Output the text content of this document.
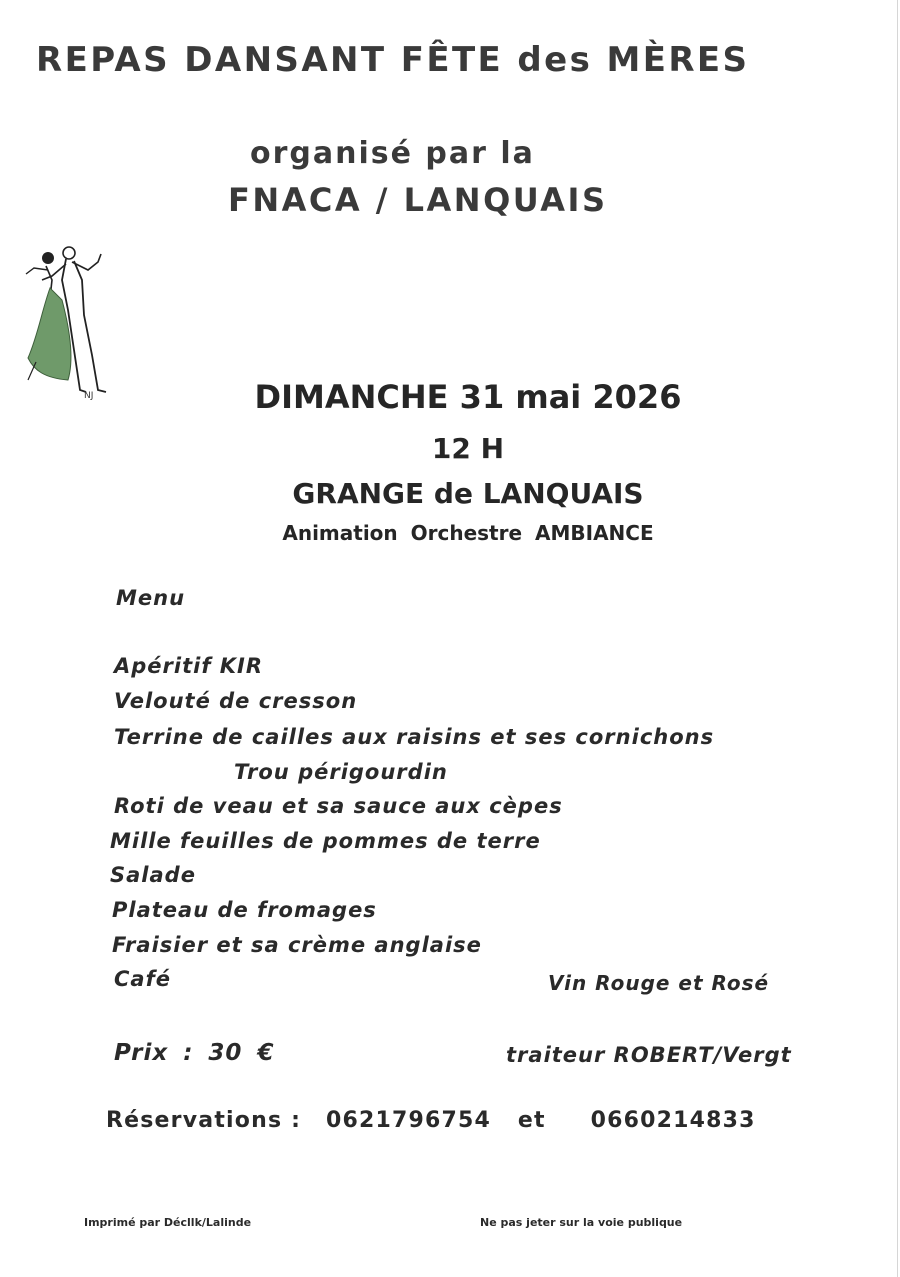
REPAS DANSANT FÊTE des MÈRES
organisé par la
FNACA / LANQUAIS
NJ	DIMANCHE 31 mai 2026
12 H
GRANGE de LANQUAIS
Animation Orchestre AMBIANCE
Menu
Apéritif KIR
Velouté de cresson
Terrine de cailles aux raisins et ses cornichons
Trou périgourdin
Roti de veau et sa sauce aux cèpes
Mille feuilles de pommes de terre
Salade
Plateau de fromages
Fraisier et sa crème anglaise
Café	Vin Rouge et Rosé
Prix : 30 €	traiteur ROBERT/Vergt
Réservations : 0621796754 et 0660214833
Imprimé par Décllk/Lalinde	Ne pas jeter sur la voie publique
